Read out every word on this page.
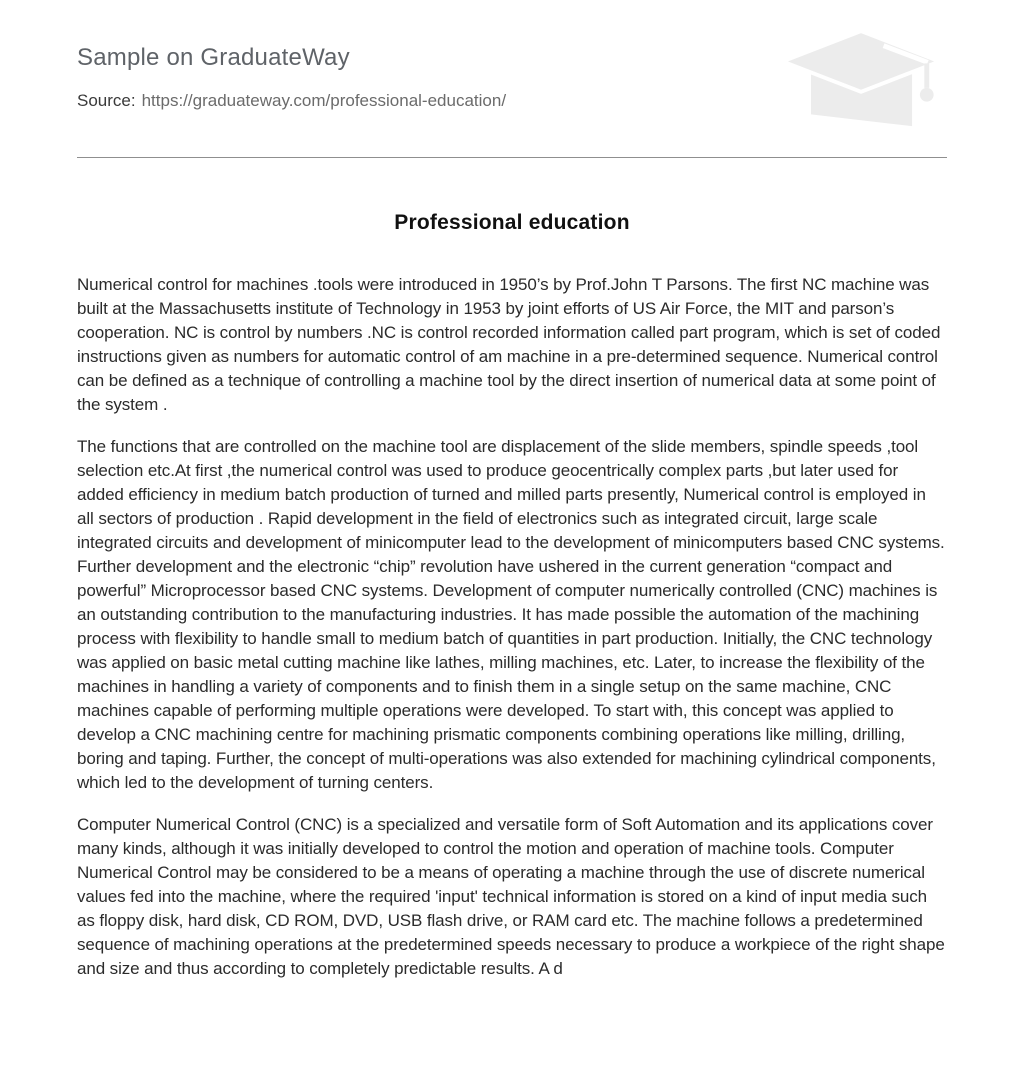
Sample on GraduateWay

Source: https://graduateway.com/professional-education/

Professional education

Numerical control for machines .tools were introduced in 1950’s by Prof.John T Parsons. The first NC machine was built at the Massachusetts institute of Technology in 1953 by joint efforts of US Air Force, the MIT and parson’s cooperation. NC is control by numbers .NC is control recorded information called part program, which is set of coded instructions given as numbers for automatic control of am machine in a pre-determined sequence. Numerical control can be defined as a technique of controlling a machine tool by the direct insertion of numerical data at some point of the system .

The functions that are controlled on the machine tool are displacement of the slide members, spindle speeds ,tool selection etc.At first ,the numerical control was used to produce geocentrically complex parts ,but later used for added efficiency in medium batch production of turned and milled parts presently, Numerical control is employed in all sectors of production . Rapid development in the field of electronics such as integrated circuit, large scale integrated circuits and development of minicomputer lead to the development of minicomputers based CNC systems. Further development and the electronic “chip” revolution have ushered in the current generation “compact and powerful” Microprocessor based CNC systems. Development of computer numerically controlled (CNC) machines is an outstanding contribution to the manufacturing industries. It has made possible the automation of the machining process with flexibility to handle small to medium batch of quantities in part production. Initially, the CNC technology was applied on basic metal cutting machine like lathes, milling machines, etc. Later, to increase the flexibility of the machines in handling a variety of components and to finish them in a single setup on the same machine, CNC machines capable of performing multiple operations were developed. To start with, this concept was applied to develop a CNC machining centre for machining prismatic components combining operations like milling, drilling, boring and taping. Further, the concept of multi-operations was also extended for machining cylindrical components, which led to the development of turning centers.

Computer Numerical Control (CNC) is a specialized and versatile form of Soft Automation and its applications cover many kinds, although it was initially developed to control the motion and operation of machine tools. Computer Numerical Control may be considered to be a means of operating a machine through the use of discrete numerical values fed into the machine, where the required 'input' technical information is stored on a kind of input media such as floppy disk, hard disk, CD ROM, DVD, USB flash drive, or RAM card etc. The machine follows a predetermined sequence of machining operations at the predetermined speeds necessary to produce a workpiece of the right shape and size and thus according to completely predictable results. A d
